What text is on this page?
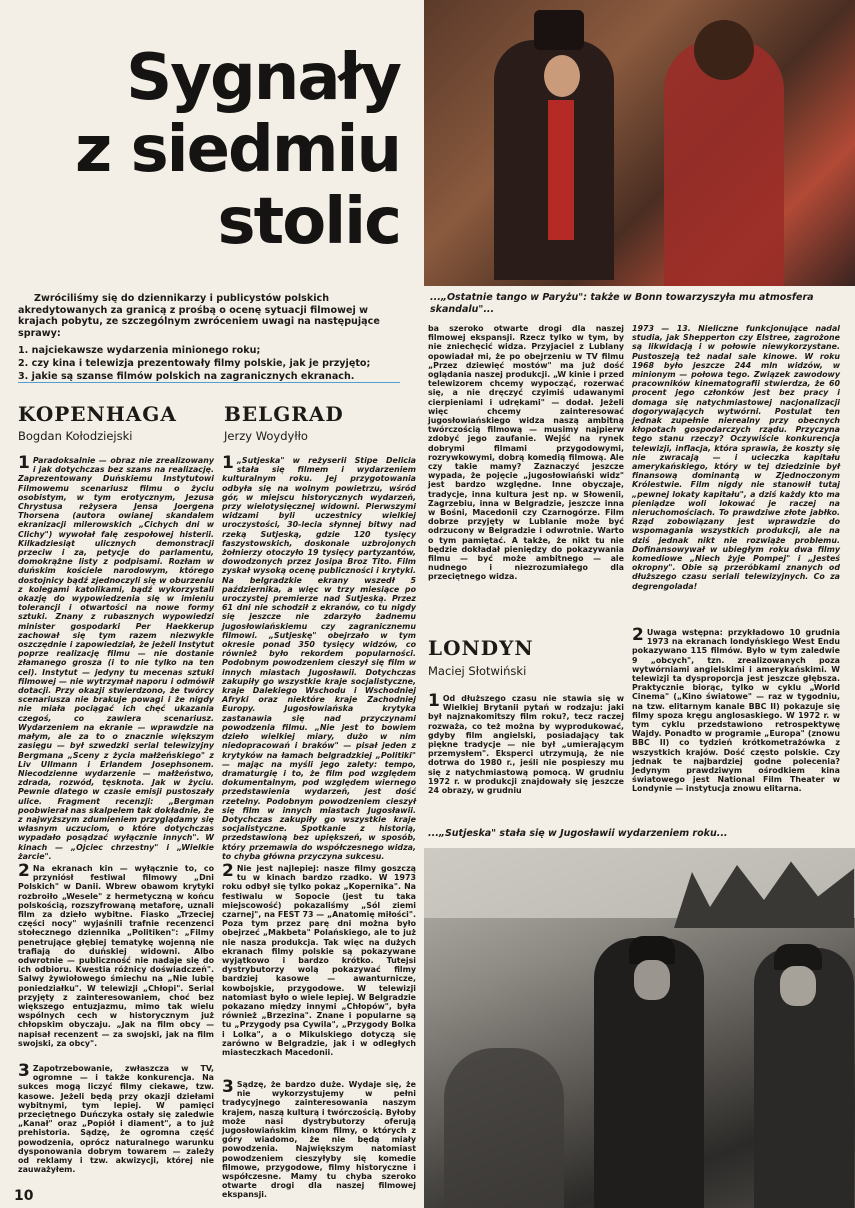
Sygnały
z siedmiu
stolic
...„Ostatnie tango w Paryżu": także w Bonn towarzyszyła mu atmosfera skandalu"...

Zwróciliśmy się do dziennikarzy i publicystów polskich akredytowanych za granicą z prośbą o ocenę sytuacji filmowej w krajach pobytu, ze szczególnym zwróceniem uwagi na następujące sprawy:

1. najciekawsze wydarzenia minionego roku;
2. czy kina i telewizja prezentowały filmy polskie, jak je przyjęto;
3. jakie są szanse filmów polskich na zagranicznych ekranach.
KOPENHAGA
Bogdan Kołodziejski
1 Paradoksalnie — obraz nie zrealizowany i jak dotychczas bez szans na realizację. Zaprezentowany Duńskiemu Instytutowi Filmowemu scenariusz filmu o życiu osobistym, w tym erotycznym, Jezusa Chrystusa reżysera Jensa Joergena Thorsena (autora owianej skandalem ekranizacji milerowskich „Cichych dni w Clichy") wywołał falę zespołowej histerii. Kilkadziesiąt ulicznych demonstracji przeciw i za, petycje do parlamentu, domokrążne listy z podpisami. Rozłam w duńskim kościele narodowym, którego dostojnicy bądź zjednoczyli się w oburzeniu z kolegami katolikami, bądź wykorzystali okazję do wypowiedzenia się w imieniu tolerancji i otwartości na nowe formy sztuki. Znany z rubasznych wypowiedzi minister gospodarki Per Haekkerup zachował się tym razem niezwykle oszczędnie i zapowiedział, że jeżeli Instytut poprze realizację filmu — nie dostanie złamanego grosza (i to nie tylko na ten cel). Instytut — jedyny tu mecenas sztuki filmowej — nie wytrzymał naporu i odmówił dotacji. Przy okazji stwierdzono, że twórcy scenariusza nie brakuje powagi i że nigdy nie miała pociągać ich chęć ukazania czegoś, co zawiera scenariusz. Wydarzeniem na ekranie — wprawdzie na małym, ale za to o znacznie większym zasięgu — był szwedzki serial telewizyjny Bergmana „Sceny z życia małżeńskiego" z Liv Ullmann i Erlandem Josephsonem. Niecodzienne wydarzenie — małżeństwo, zdrada, rozwód, tęsknota. Jak w życiu. Pewnie dlatego w czasie emisji pustoszały ulice. Fragment recenzji: „Bergman poobwierał nas skalpelem tak dokładnie, że z najwyższym zdumieniem przyglądamy się własnym uczuciom, o które dotychczas wypadało posądzać wyłącznie innych". W kinach — „Ojciec chrzestny" i „Wielkie żarcie".

2 Na ekranach kin — wyłącznie to, co przyniósł festiwal filmowy „Dni Polskich" w Danii. Wbrew obawom krytyki rozbroiło „Wesele" z hermetyczną w końcu polskością, rozszyfrowaną metaforę, uznali film za dzieło wybitne. Fiasko „Trzeciej części nocy" wyjaśnili trafnie recenzenci stołecznego dziennika „Politiken": „Filmy penetrujące głębiej tematykę wojenną nie trafiają do duńskiej widowni. Albo odwrotnie — publiczność nie nadaje się do ich odbioru. Kwestia różnicy doświadczeń". Salwy żywiołowego śmiechu na „Nie lubię poniedziałku". W telewizji „Chłopi". Serial przyjęty z zainteresowaniem, choć bez większego entuzjazmu, mimo tak wielu wspólnych cech w historycznym już chłopskim obyczaju. „Jak na film obcy — napisał recenzent — za swojski, jak na film swojski, za obcy".

3 Zapotrzebowanie, zwłaszcza w TV, ogromne — i także konkurencja. Na sukces mogą liczyć filmy ciekawe, tzw. kasowe. Jeżeli będą przy okazji dziełami wybitnymi, tym lepiej. W pamięci przeciętnego Duńczyka ostały się zaledwie „Kanał" oraz „Popiół i diament", a to już prehistoria. Sądzę, że ogromna część powodzenia, oprócz naturalnego warunku dysponowania dobrym towarem — zależy od reklamy i tzw. akwizycji, której nie zauważyłem.

BELGRAD
Jerzy Woydyłło
1 „Sutjeska" w reżyserii Stipe Delicia stała się filmem i wydarzeniem kulturalnym roku. Jej przygotowania odbyła się na wolnym powietrzu, wśród gór, w miejscu historycznych wydarzeń, przy wielotysięcznej widowni. Pierwszymi widzami byli uczestnicy wielkiej uroczystości, 30-lecia słynnej bitwy nad rzeką Sutjeską, gdzie 120 tysięcy faszystowskich, doskonale uzbrojonych żołnierzy otoczyło 19 tysięcy partyzantów, dowodzonych przez Josipa Broz Tito. Film zyskał wysoką ocenę publiczności i krytyki. Na belgradzkie ekrany wszedł 5 października, a więc w trzy miesiące po uroczystej premierze nad Sutjeską. Przez 61 dni nie schodził z ekranów, co tu nigdy się jeszcze nie zdarzyło żadnemu jugosłowiańskiemu czy zagranicznemu filmowi. „Sutjeskę" obejrzało w tym okresie ponad 350 tysięcy widzów, co również było rekordem popularności. Podobnym powodzeniem cieszył się film w innych miastach Jugosławii. Dotychczas zakupiły go wszystkie kraje socjalistyczne, kraje Dalekiego Wschodu i Wschodniej Afryki oraz niektóre kraje Zachodniej Europy. Jugosłowiańska krytyka zastanawia się nad przyczynami powodzenia filmu. „Nie jest to bowiem dzieło wielkiej miary, dużo w nim niedopracowań i braków" — pisał jeden z krytyków na łamach belgradzkiej „Politiki" — mając na myśli jego zalety: tempo, dramaturgię i to, że film pod względem dokumentalnym, pod względem wiernego przedstawienia wydarzeń, jest dość rzetelny. Podobnym powodzeniem cieszył się film w innych miastach Jugosławii. Dotychczas zakupiły go wszystkie kraje socjalistyczne. Spotkanie z historią, przedstawioną bez upiększeń, w sposób, który przemawia do współczesnego widza, to chyba główna przyczyna sukcesu.

2 Nie jest najlepiej: nasze filmy goszczą tu w kinach bardzo rzadko. W 1973 roku odbył się tylko pokaz „Kopernika". Na festiwalu w Sopocie (jest tu taka miejscowość) pokazaliśmy „Sól ziemi czarnej", na FEST 73 — „Anatomię miłości". Poza tym przez parę dni można było obejrzeć „Makbeta" Polańskiego, ale to już nie nasza produkcja. Tak więc na dużych ekranach filmy polskie są pokazywane wyjątkowo i bardzo krótko. Tutejsi dystrybutorzy wolą pokazywać filmy bardziej kasowe — awanturnicze, kowbojskie, przygodowe. W telewizji natomiast było o wiele lepiej. W Belgradzie pokazano między innymi „Chłopów", była również „Brzezina". Znane i popularne są tu „Przygody psa Cywila", „Przygody Bolka i Lolka", a o Mikulskiego dotyczą się zarówno w Belgradzie, jak i w odległych miasteczkach Macedonii.

3 Sądzę, że bardzo duże. Wydaje się, że nie wykorzystujemy w pełni tradycyjnego zainteresowania naszym krajem, naszą kulturą i twórczością. Byłoby może nasi dystrybutorzy oferują jugosłowiańskim kinom filmy, o których z góry wiadomo, że nie będą miały powodzenia. Największym natomiast powodzeniem cieszyłyby się komedie filmowe, przygodowe, filmy historyczne i współczesne. Mamy tu chyba szeroko otwarte drogi dla naszej filmowej ekspansji.

ba szeroko otwarte drogi dla naszej filmowej ekspansji. Rzecz tylko w tym, by nie zniechęcić widza. Przyjaciel z Lublany opowiadał mi, że po obejrzeniu w TV filmu „Przez dziewięć mostów" ma już dość oglądania naszej produkcji. „W kinie i przed telewizorem chcemy wypocząć, rozerwać się, a nie dręczyć czyimiś udawanymi cierpieniami i udrękami" — dodał. Jeżeli więc chcemy zainteresować jugosłowiańskiego widza naszą ambitną twórczością filmową — musimy najpierw zdobyć jego zaufanie. Wejść na rynek dobrymi filmami przygodowymi, rozrywkowymi, dobrą komedią filmową. Ale czy takie mamy? Zaznaczyć jeszcze wypada, że pojęcie „jugosłowiański widz" jest bardzo względne. Inne obyczaje, tradycje, inna kultura jest np. w Słowenii, Zagrzebiu, inna w Belgradzie, jeszcze inna w Bośni, Macedonii czy Czarnogórze. Film dobrze przyjęty w Lublanie może być odrzucony w Belgradzie i odwrotnie. Warto o tym pamiętać. A także, że nikt tu nie będzie dokładał pieniędzy do pokazywania filmu — być może ambitnego — ale nudnego i niezrozumiałego dla przeciętnego widza.

LONDYN
Maciej Słotwiński
1 Od dłuższego czasu nie stawia się w Wielkiej Brytanii pytań w rodzaju: jaki był najznakomitszy film roku?, tecz raczej rozważa, co też można by wyprodukować, gdyby film angielski, posiadający tak piękne tradycje — nie był „umierającym przemysłem". Eksperci utrzymują, że nie dotrwa do 1980 r., jeśli nie pospieszy mu się z natychmiastową pomocą. W grudniu 1972 r. w produkcji znajdowały się jeszcze 24 obrazy, w grudniu

1973 — 13. Nieliczne funkcjonujące nadal studia, jak Shepperton czy Elstree, zagrożone są likwidacją i w połowie niewykorzystane. Pustoszeją też nadal sale kinowe. W roku 1968 było jeszcze 244 mln widzów, w minionym — połowa tego. Związek zawodowy pracowników kinematografii stwierdza, że 60 procent jego członków jest bez pracy i domaga się natychmiastowej nacjonalizacji dogorywających wytwórni. Postulat ten jednak zupełnie nierealny przy obecnych kłopotach gospodarczych rządu. Przyczyna tego stanu rzeczy? Oczywiście konkurencja telewizji, inflacja, która sprawia, że koszty się nie zwracają — i ucieczka kapitału amerykańskiego, który w tej dziedzinie był finansową dominantą w Zjednoczonym Królestwie. Film nigdy nie stanowił tutaj „pewnej lokaty kapitału", a dziś każdy kto ma pieniądze woli lokować je raczej na nieruchomościach. To prawdziwe złote jabłko. Rząd zobowiązany jest wprawdzie do wspomagania wszystkich produkcji, ale na dziś jednak nikt nie rozwiąże problemu. Dofinansowywał w ubiegłym roku dwa filmy komediowe „Niech żyje Pompej" i „Jesteś okropny". Obie są przeróbkami znanych od dłuższego czasu seriali telewizyjnych. Co za degrengolada!

2 Uwaga wstępna: przykładowo 10 grudnia 1973 na ekranach londyńskiego West Endu pokazywano 115 filmów. Było w tym zaledwie 9 „obcych", tzn. zrealizowanych poza wytwórniami angielskimi i amerykańskimi. W telewizji ta dysproporcja jest jeszcze głębsza. Praktycznie biorąc, tylko w cyklu „World Cinema" („Kino światowe" — raz w tygodniu, na tzw. elitarnym kanale BBC II) pokazuje się filmy spoza kręgu anglosaskiego. W 1972 r. w tym cyklu przedstawiono retrospektywę Wajdy. Ponadto w programie „Europa" (znowu BBC II) co tydzień krótkometrażówka z wszystkich krajów. Dość często polskie. Czy jednak te najbardziej godne polecenia? Jedynym prawdziwym ośrodkiem kina światowego jest National Film Theater w Londynie — instytucja znowu elitarna.

...„Sutjeska" stała się w Jugosławii wydarzeniem roku...
10
